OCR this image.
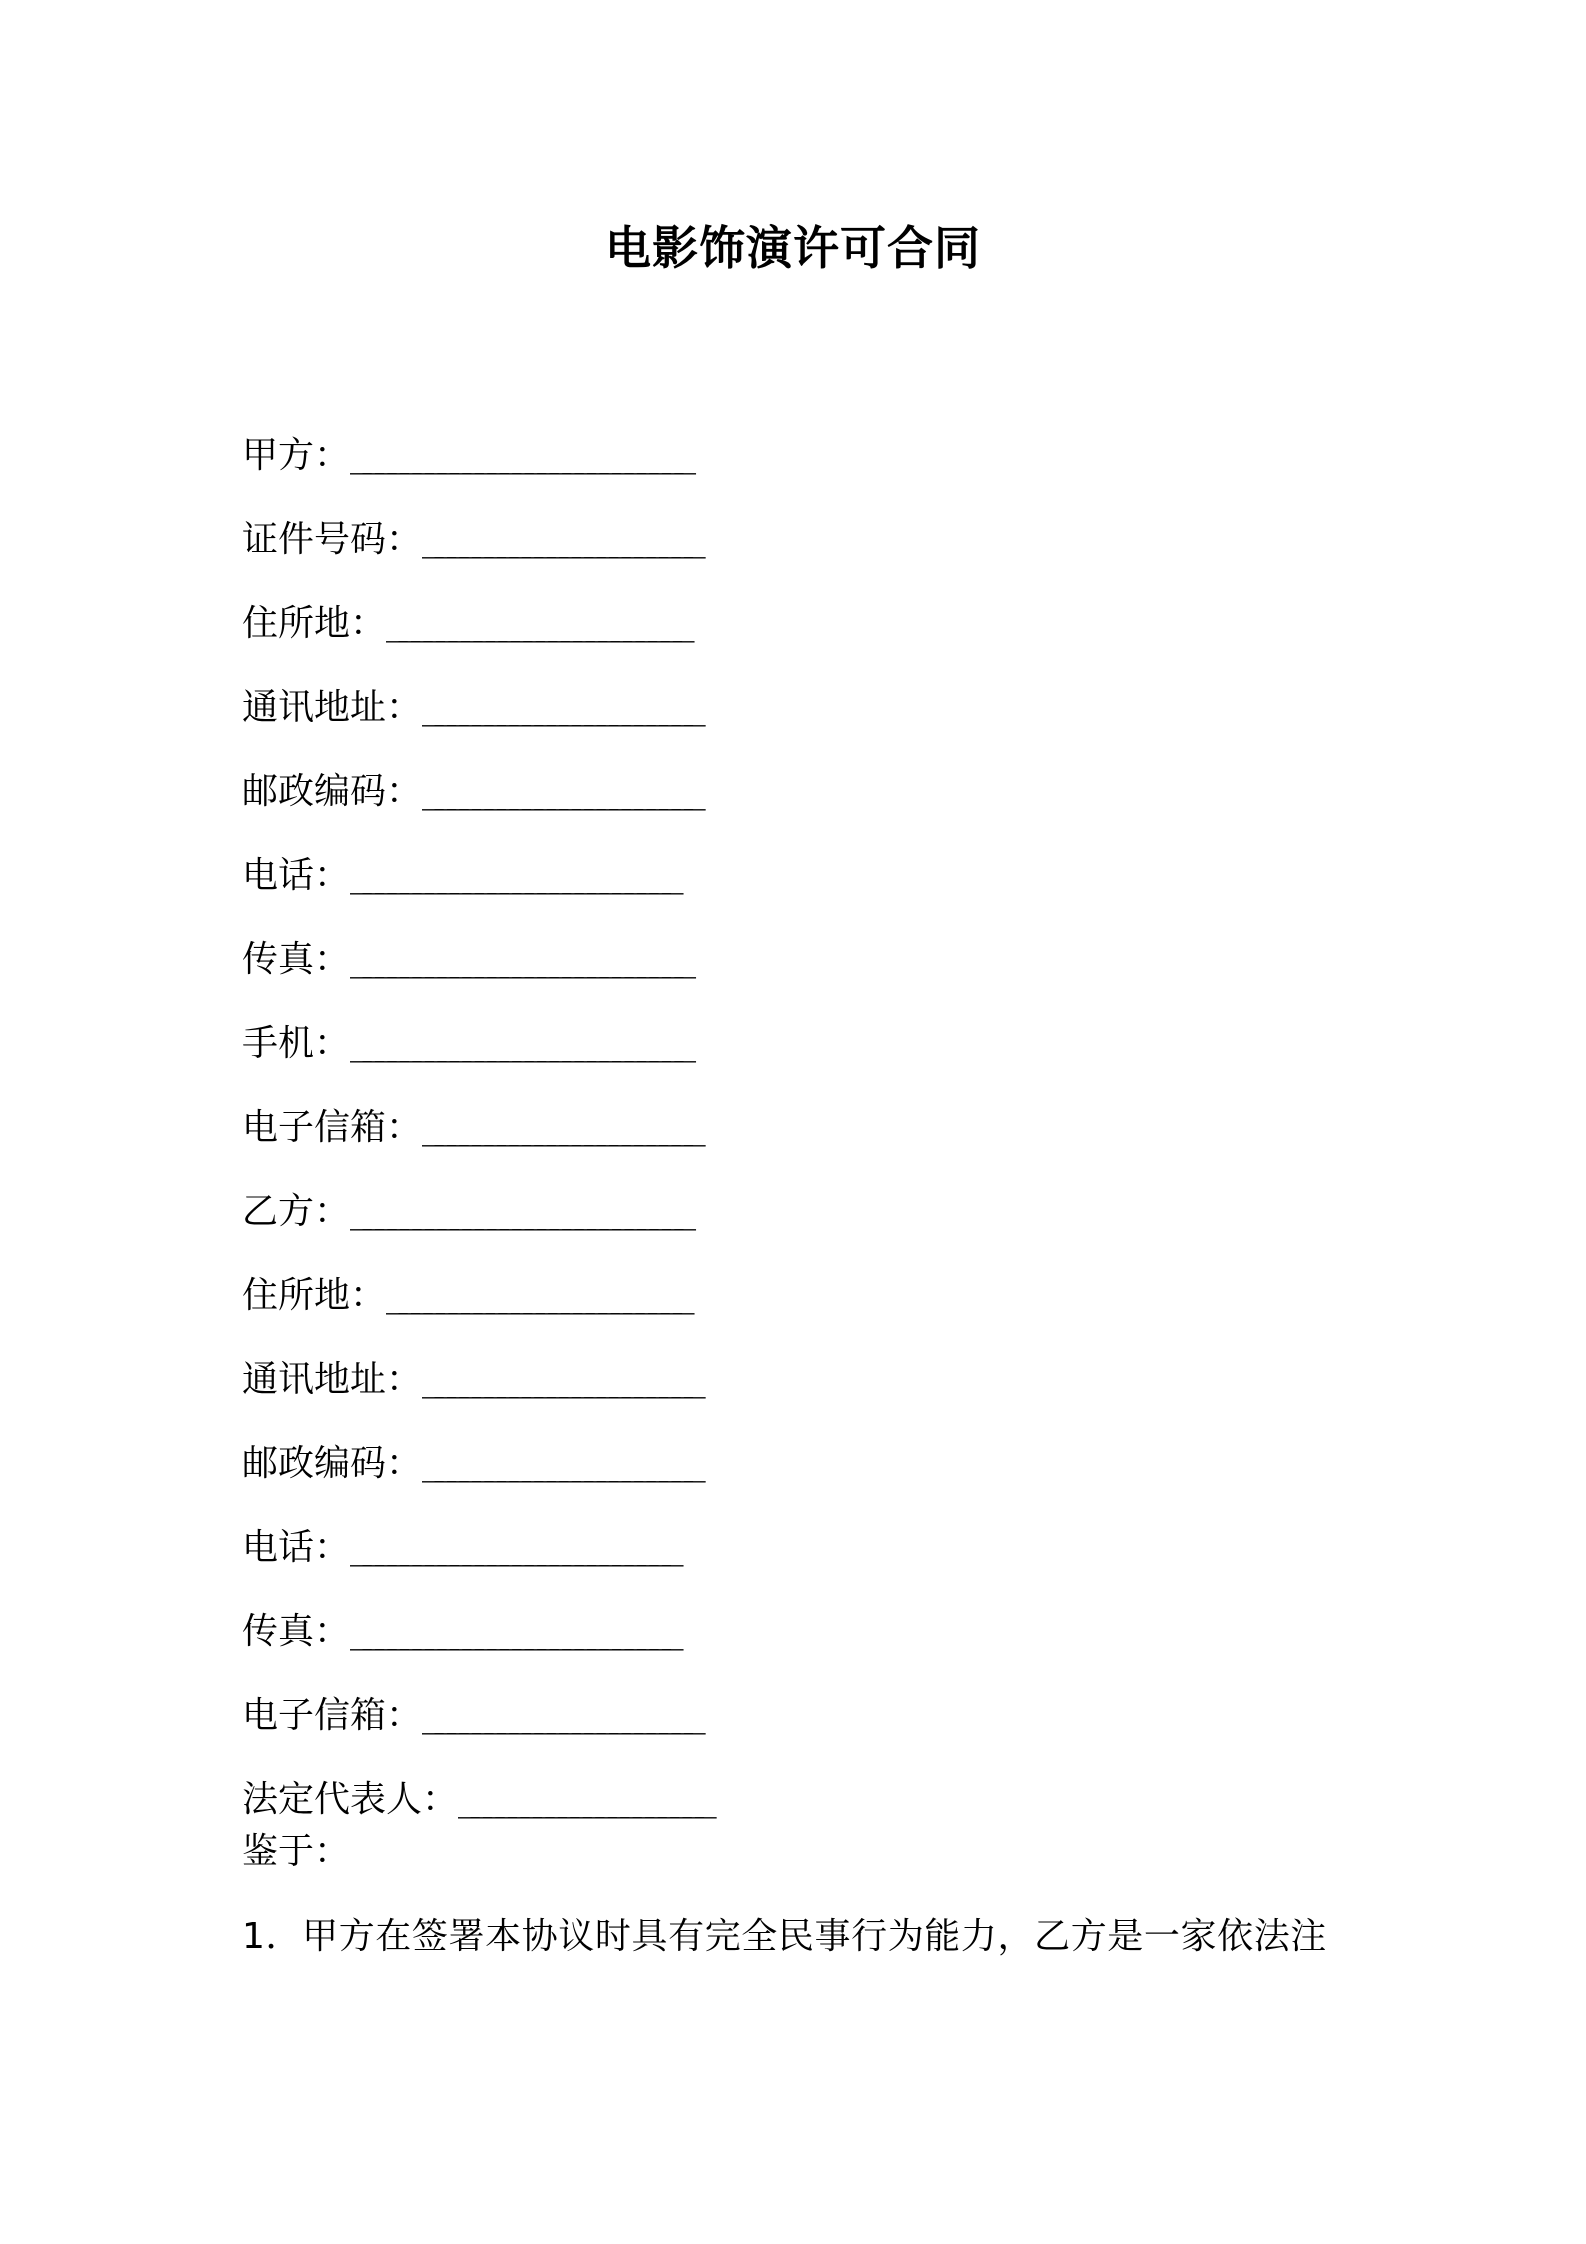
电影饰演许可合同
甲方： ___________________________
证件号码： ______________________
住所地： ________________________
通讯地址： ______________________
邮政编码： ______________________
电话： __________________________
传真： ___________________________
手机： ___________________________
电子信箱： ______________________
乙方： ___________________________
住所地： ________________________
通讯地址： ______________________
邮政编码： ______________________
电话： __________________________
传真： __________________________
电子信箱： ______________________
法定代表人： ____________________
鉴于：
1．甲方在签署本协议时具有完全民事行为能力，乙方是一家依法注
